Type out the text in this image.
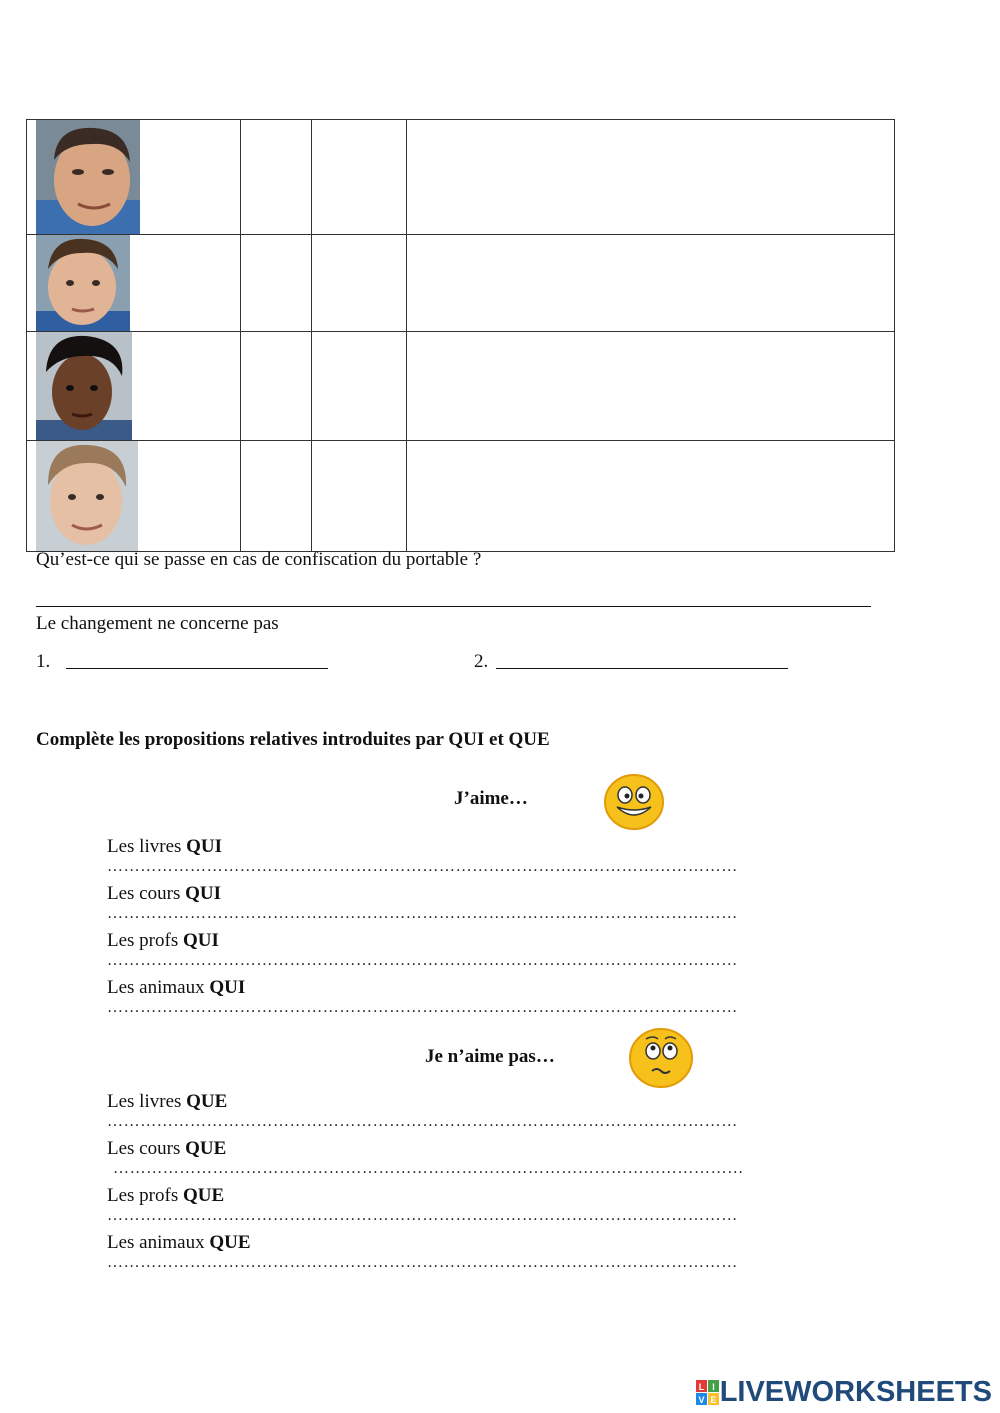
Qu’est-ce qui se passe en cas de confiscation du portable ?
Le changement ne concerne pas
1.	2.
Complète les propositions relatives introduites par QUI et QUE
J’aime…
Les livres QUI
……………………………………………………………………………………………………
Les cours QUI
……………………………………………………………………………………………………
Les profs QUI
……………………………………………………………………………………………………
Les animaux QUI
……………………………………………………………………………………………………
Je n’aime pas…
Les livres QUE
……………………………………………………………………………………………………
Les cours QUE
……………………………………………………………………………………………………
Les profs QUE
……………………………………………………………………………………………………
Les animaux QUE
……………………………………………………………………………………………………
L I
V E LIVEWORKSHEETS
